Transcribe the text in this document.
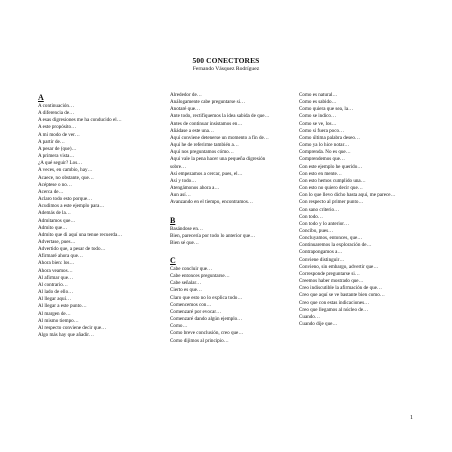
500 CONECTORES
Fernando Vásquez Rodríguez
A
A continuación…
A diferencia de…
A esas digresiones me ha conducido el…
A este propósito…
A mi modo de ver…
A partir de…
A pesar de (que)…
A primera vista…
¿A qué seguir? Los…
A veces, en cambio, hay…
Acaece, no obstante, que…
Acéptese o no…
Acerca de…
Aclaro todo esto porque…
Acudimos a este ejemplo para…
Además de la…
Admitamos que…
Admito que…
Admito que di aquí una tenue recuerda…
Advertase, pues…
Advertido que, a pesar de todo…
Afirmaré ahora que…
Ahora bien: los…
Ahora veamos…
Al afirmar que…
Al contrario…
Al lado de ello…
Al llegar aquí…
Al llegar a este punto…
Al margen de…
Al mismo tiempo…
Al respecto conviene decir que…
Algo más hay que añadir…
Alrededor de…
Análogamente cabe preguntarse si…
Anotaré que…
Ante todo, rectifiquemos la idea sabida de que…
Antes de continuar insistamos en…
Añádase a este una…
Aquí conviene detenerse un momento a fin de…
Aquí he de referirme también a…
Aquí nos preguntamos cómo…
Aquí vale la pena hacer una pequeña digresión
sobre…
Así empezamos a cercar, pues, el…
Así y todo…
Atengámonos ahora a…
Aun así…
Avanzando en el tiempo, encontramos…
B
Basándose en…
Bien, parecería por todo lo anterior que…
Bien sé que…
C
Cabe concluir que…
Cabe entonces preguntarse…
Cabe señalar…
Cierto es que…
Claro que esto no lo explica todo…
Comencemos con…
Comenzaré por evocar…
Comenzaré dando algún ejemplo…
Como…
Como breve conclusión, creo que…
Como dijimos al principio…
Como es natural…
Como es sabido…
Como quiera que sea, la…
Como se indico…
Como se ve, los…
Como si fuera poco…
Como última palabra deseo…
Como ya lo hice notar…
Comprenda. No es que…
Comprendemos que…
Con este ejemplo he querido…
Con esto en mente…
Con esto hemos cumplido una…
Con esto no quiero decir que…
Con lo que llevo dicho hasta aquí, me parece…
Con respecto al primer punto…
Con sano criterio…
Con todo…
Con todo y lo anterior…
Concibo, pues…
Concluyamos, entonces, que…
Continuaremos la exploración de…
Contrapongamos a…
Conviene distinguir…
Convieno, sin embargo, advertir que…
Corresponde preguntarse si…
Creemos haber mostrado que…
Creo indiscutible la afirmación de que…
Creo que aquí se ve bastante bien como…
Creo que con estas indicaciones…
Creo que llegamos al núcleo de…
Cuando…
Cuando dije que…
1
